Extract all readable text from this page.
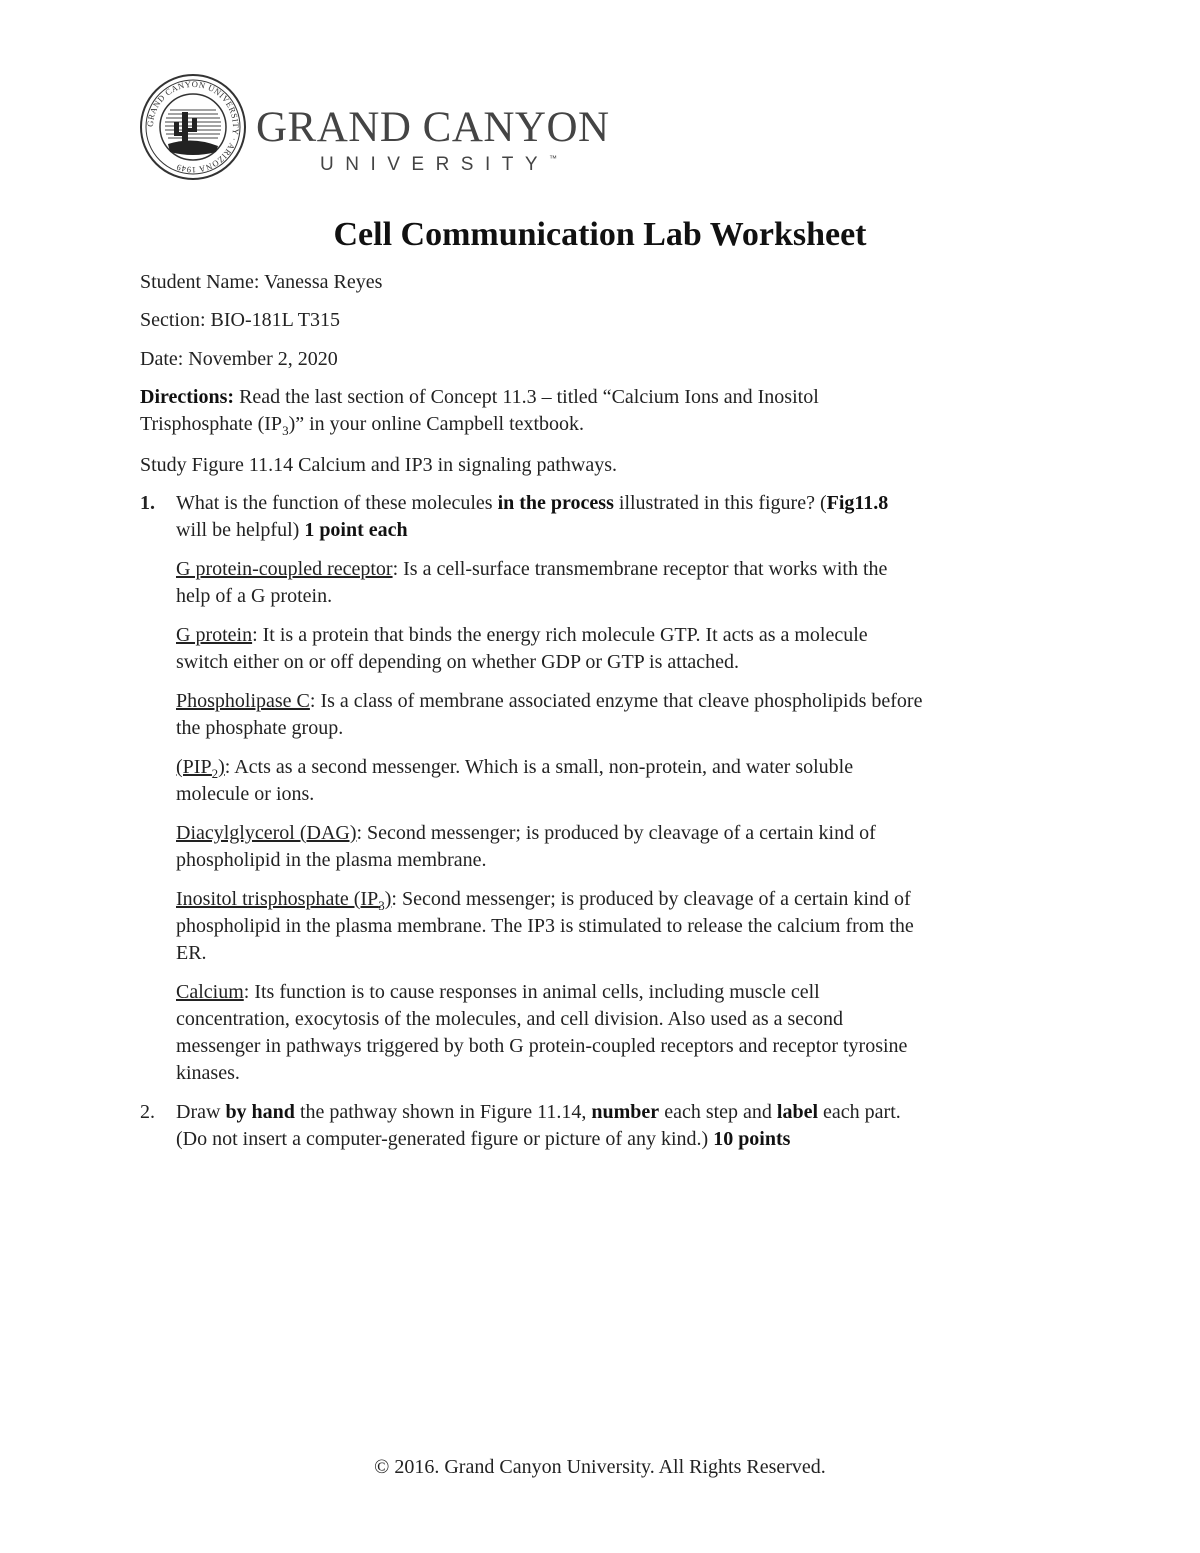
GRAND CANYON UNIVERSITY · ARIZONA 1949
GRAND CANYON
UNIVERSITY™
Cell Communication Lab Worksheet

Student Name: Vanessa Reyes

Section: BIO-181L T315

Date: November 2, 2020

Directions: Read the last section of Concept 11.3 – titled “Calcium Ions and Inositol
Trisphosphate $(IP_3)$” in your online Campbell textbook.

Study Figure 11.14 Calcium and IP3 in signaling pathways.

1. What is the function of these molecules in the process illustrated in this figure? (Fig11.8
will be helpful) 1 point each

G protein-coupled receptor: Is a cell-surface transmembrane receptor that works with the
help of a G protein.

G protein: It is a protein that binds the energy rich molecule GTP. It acts as a molecule
switch either on or off depending on whether GDP or GTP is attached.

Phospholipase C: Is a class of membrane associated enzyme that cleave phospholipids before
the phosphate group.

$(PIP_2)$: Acts as a second messenger. Which is a small, non-protein, and water soluble
molecule or ions.

Diacylglycerol (DAG): Second messenger; is produced by cleavage of a certain kind of
phospholipid in the plasma membrane.

Inositol trisphosphate $(IP_3)$: Second messenger; is produced by cleavage of a certain kind of
phospholipid in the plasma membrane. The IP3 is stimulated to release the calcium from the
ER.

Calcium: Its function is to cause responses in animal cells, including muscle cell
concentration, exocytosis of the molecules, and cell division. Also used as a second
messenger in pathways triggered by both G protein-coupled receptors and receptor tyrosine
kinases.

2. Draw by hand the pathway shown in Figure 11.14, number each step and label each part.
(Do not insert a computer-generated figure or picture of any kind.) 10 points

© 2016. Grand Canyon University. All Rights Reserved.
